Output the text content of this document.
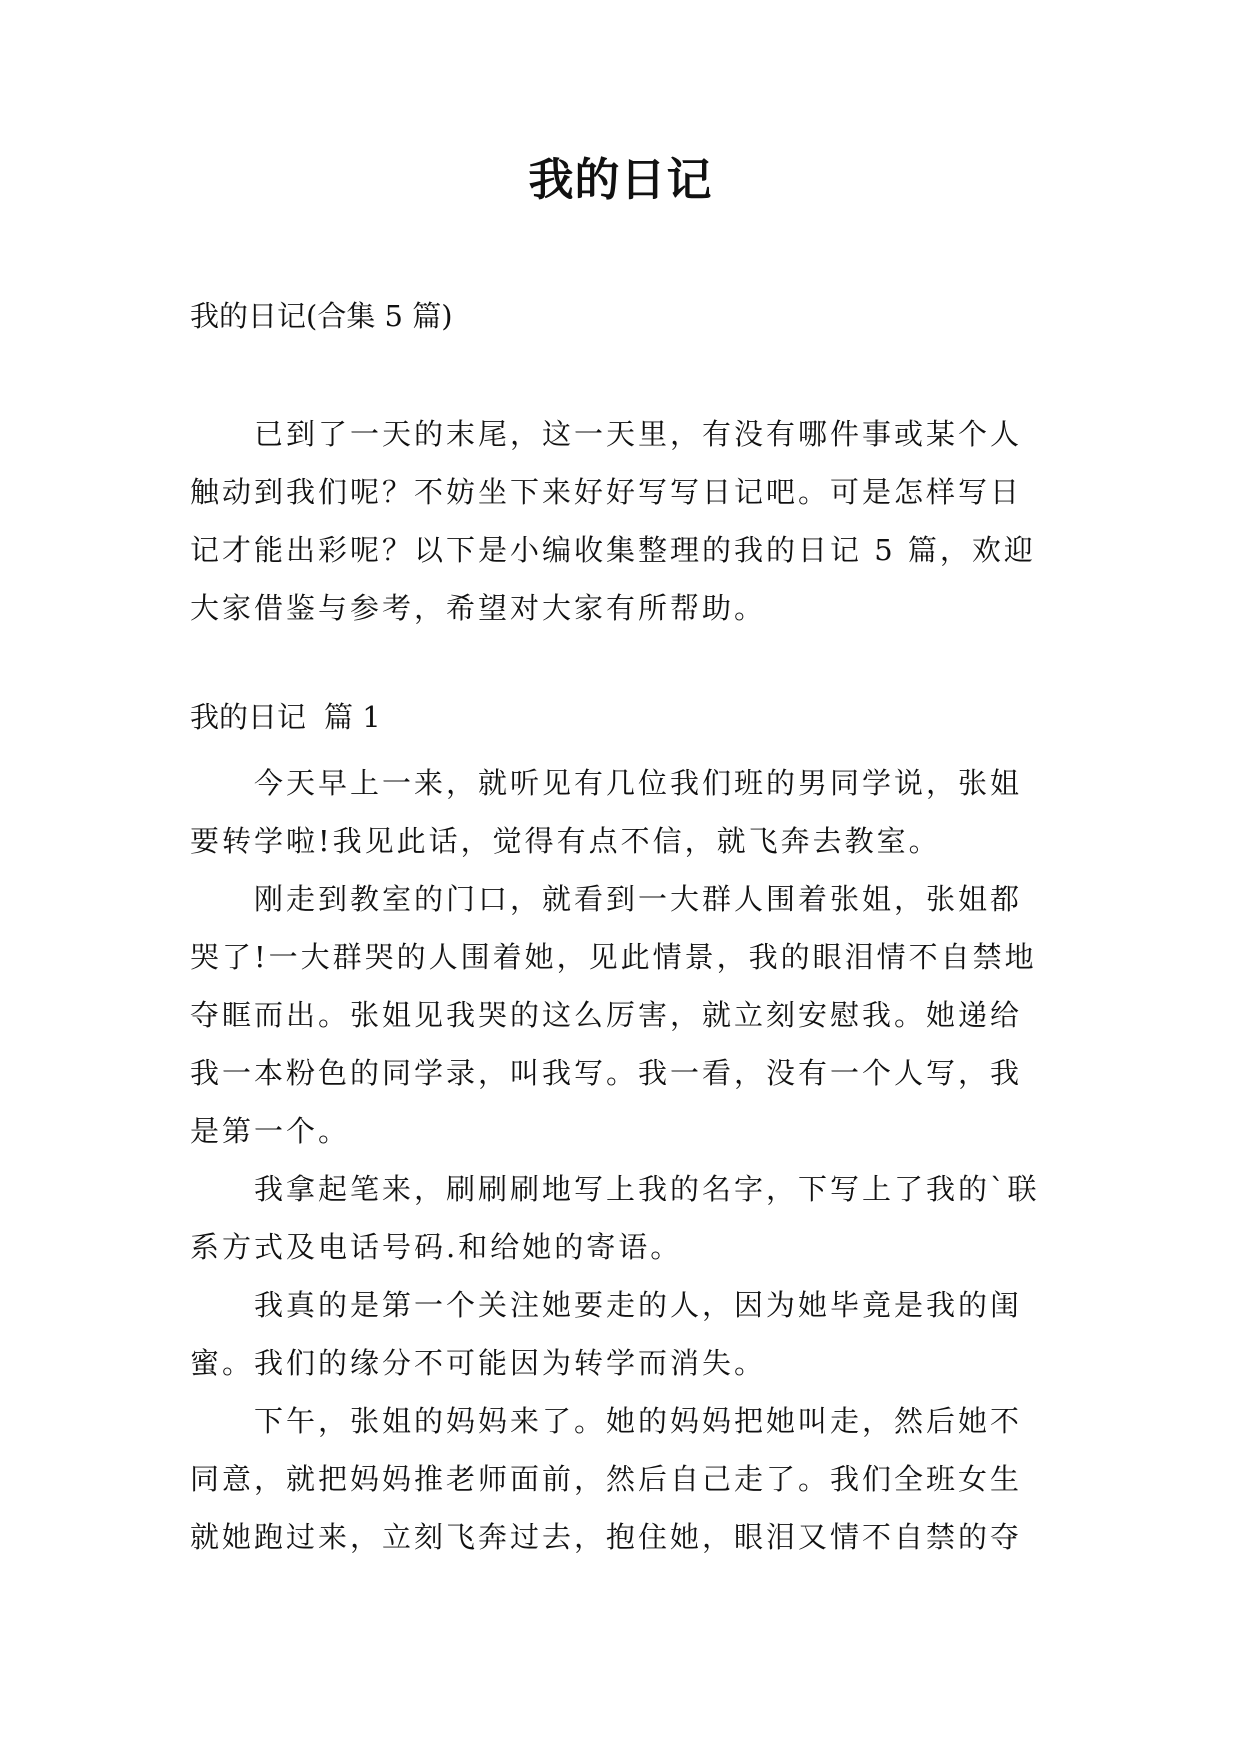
我的日记

我的日记(合集 5 篇)

已到了一天的末尾，这一天里，有没有哪件事或某个人触动到我们呢？不妨坐下来好好写写日记吧。可是怎样写日记才能出彩呢？以下是小编收集整理的我的日记 5 篇，欢迎大家借鉴与参考，希望对大家有所帮助。

我的日记 篇 1

今天早上一来，就听见有几位我们班的男同学说，张姐要转学啦!我见此话，觉得有点不信，就飞奔去教室。

刚走到教室的门口，就看到一大群人围着张姐，张姐都哭了!一大群哭的人围着她，见此情景，我的眼泪情不自禁地夺眶而出。张姐见我哭的这么厉害，就立刻安慰我。她递给我一本粉色的同学录，叫我写。我一看，没有一个人写，我是第一个。

我拿起笔来，刷刷刷地写上我的名字，下写上了我的`联系方式及电话号码.和给她的寄语。

我真的是第一个关注她要走的人，因为她毕竟是我的闺蜜。我们的缘分不可能因为转学而消失。

下午，张姐的妈妈来了。她的妈妈把她叫走，然后她不同意，就把妈妈推老师面前，然后自己走了。我们全班女生就她跑过来，立刻飞奔过去，抱住她，眼泪又情不自禁的夺
